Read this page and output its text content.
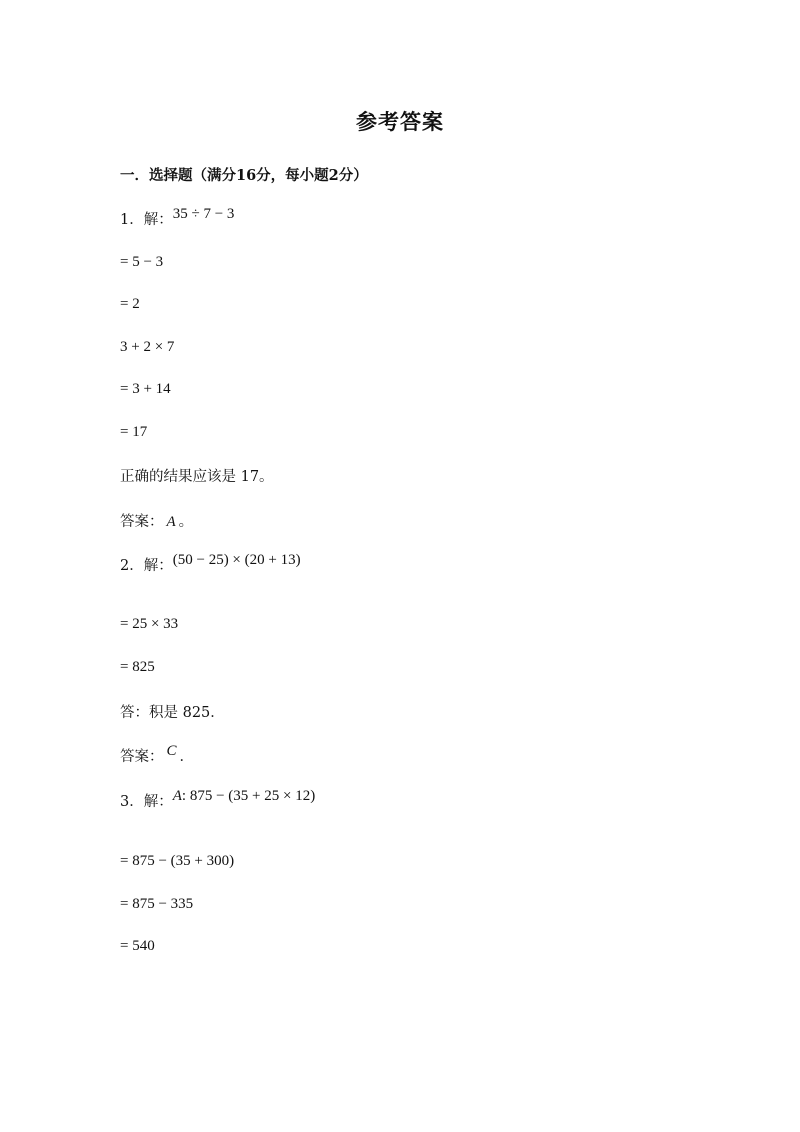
参考答案
一．选择题（满分16分，每小题2分）
1．解：35 ÷ 7 − 3
= 5 − 3
= 2
3 + 2 × 7
= 3 + 14
= 17
正确的结果应该是 17。
答案： A 。
2．解：(50 − 25) × (20 + 13)
= 25 × 33
= 825
答：积是 825．
答案： C ．
3．解：A: 875 − (35 + 25 × 12)
= 875 − (35 + 300)
= 875 − 335
= 540
